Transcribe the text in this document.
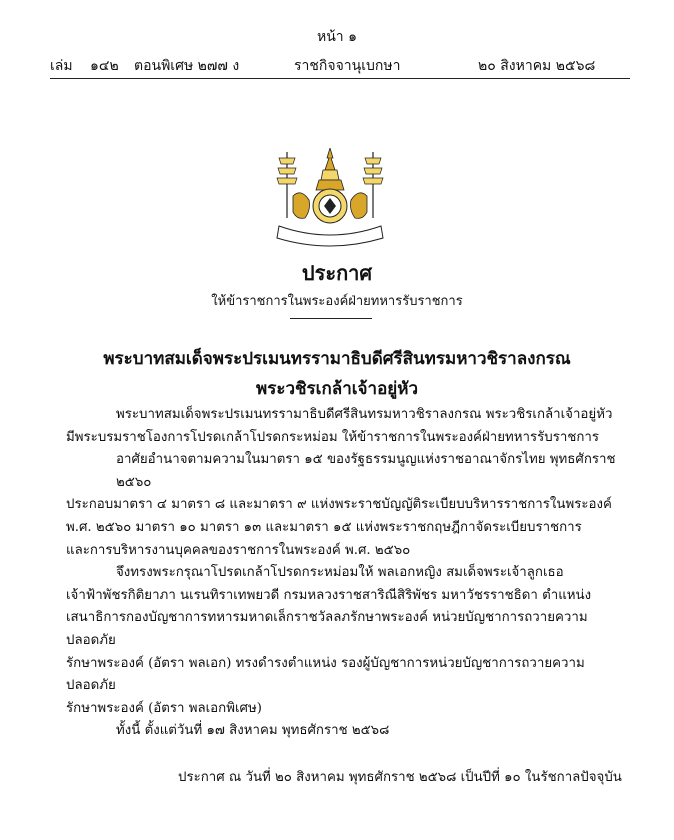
หน้า ๑
เล่ม ๑๔๒ ตอนพิเศษ ๒๗๗ ง	ราชกิจจานุเบกษา	๒๐ สิงหาคม ๒๕๖๘
ประกาศ
ให้ข้าราชการในพระองค์ฝ่ายทหารรับราชการ
พระบาทสมเด็จพระปรเมนทรรามาธิบดีศรีสินทรมหาวชิราลงกรณ
พระวชิรเกล้าเจ้าอยู่หัว

พระบาทสมเด็จพระปรเมนทรรามาธิบดีศรีสินทรมหาวชิราลงกรณ พระวชิรเกล้าเจ้าอยู่หัว

มีพระบรมราชโองการโปรดเกล้าโปรดกระหม่อม ให้ข้าราชการในพระองค์ฝ่ายทหารรับราชการ

อาศัยอำนาจตามความในมาตรา ๑๕ ของรัฐธรรมนูญแห่งราชอาณาจักรไทย พุทธศักราช ๒๕๖๐

ประกอบมาตรา ๔ มาตรา ๘ และมาตรา ๙ แห่งพระราชบัญญัติระเบียบบริหารราชการในพระองค์

พ.ศ. ๒๕๖๐ มาตรา ๑๐ มาตรา ๑๓ และมาตรา ๑๕ แห่งพระราชกฤษฎีกาจัดระเบียบราชการ

และการบริหารงานบุคคลของราชการในพระองค์ พ.ศ. ๒๕๖๐

จึงทรงพระกรุณาโปรดเกล้าโปรดกระหม่อมให้ พลเอกหญิง สมเด็จพระเจ้าลูกเธอ

เจ้าฟ้าพัชรกิติยาภา นเรนทิราเทพยวดี กรมหลวงราชสาริณีสิริพัชร มหาวัชรราชธิดา ตำแหน่ง

เสนาธิการกองบัญชาการทหารมหาดเล็กราชวัลลภรักษาพระองค์ หน่วยบัญชาการถวายความปลอดภัย

รักษาพระองค์ (อัตรา พลเอก) ทรงดำรงตำแหน่ง รองผู้บัญชาการหน่วยบัญชาการถวายความปลอดภัย

รักษาพระองค์ (อัตรา พลเอกพิเศษ)

ทั้งนี้ ตั้งแต่วันที่ ๑๗ สิงหาคม พุทธศักราช ๒๕๖๘

ประกาศ ณ วันที่ ๒๐ สิงหาคม พุทธศักราช ๒๕๖๘ เป็นปีที่ ๑๐ ในรัชกาลปัจจุบัน
